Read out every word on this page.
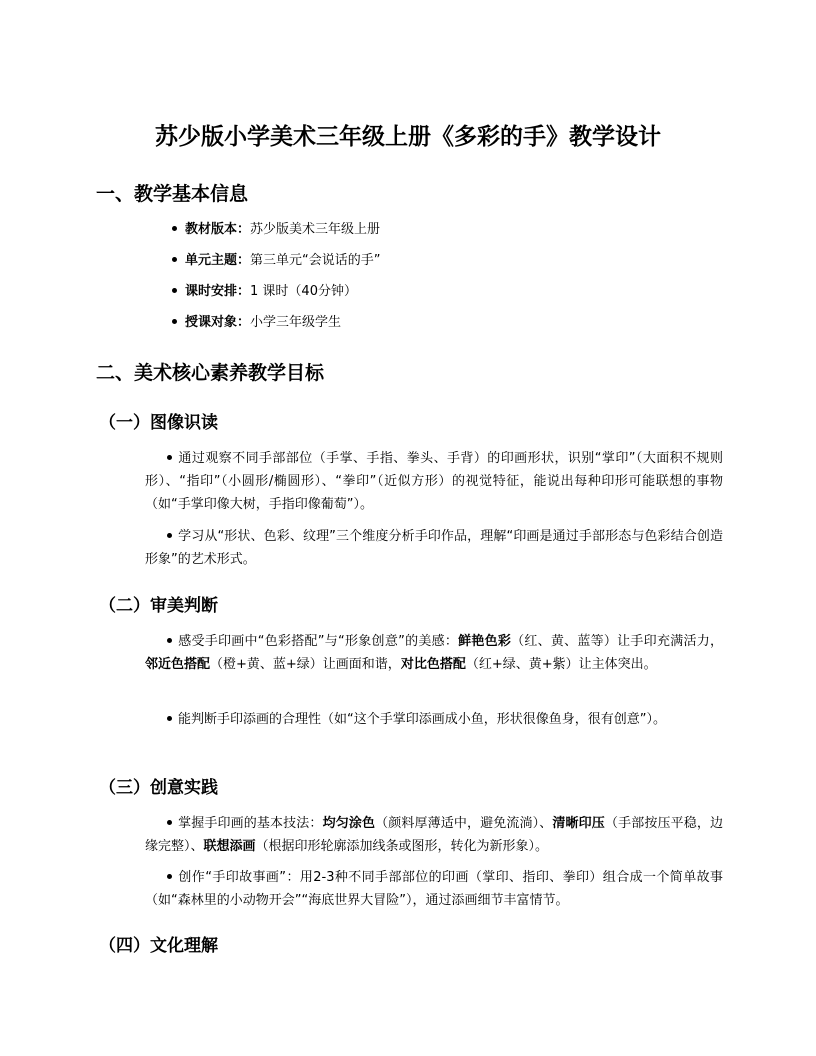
苏少版小学美术三年级上册《多彩的手》教学设计
一、教学基本信息
教材版本：苏少版美术三年级上册
单元主题：第三单元“会说话的手”
课时安排：1 课时（40分钟）
授课对象：小学三年级学生
二、美术核心素养教学目标
（一）图像识读

通过观察不同手部部位（手掌、手指、拳头、手背）的印画形状，识别“掌印”（大面积不规则形）、“指印”（小圆形/椭圆形）、“拳印”（近似方形）的视觉特征，能说出每种印形可能联想的事物（如“手掌印像大树，手指印像葡萄”）。

学习从“形状、色彩、纹理”三个维度分析手印作品，理解“印画是通过手部形态与色彩结合创造形象”的艺术形式。

（二）审美判断

感受手印画中“色彩搭配”与“形象创意”的美感：鲜艳色彩（红、黄、蓝等）让手印充满活力，邻近色搭配（橙+黄、蓝+绿）让画面和谐，对比色搭配（红+绿、黄+紫）让主体突出。

能判断手印添画的合理性（如“这个手掌印添画成小鱼，形状很像鱼身，很有创意”）。

（三）创意实践

掌握手印画的基本技法：均匀涂色（颜料厚薄适中，避免流淌）、清晰印压（手部按压平稳，边缘完整）、联想添画（根据印形轮廓添加线条或图形，转化为新形象）。

创作“手印故事画”：用2-3种不同手部部位的印画（掌印、指印、拳印）组合成一个简单故事（如“森林里的小动物开会”“海底世界大冒险”），通过添画细节丰富情节。

（四）文化理解
